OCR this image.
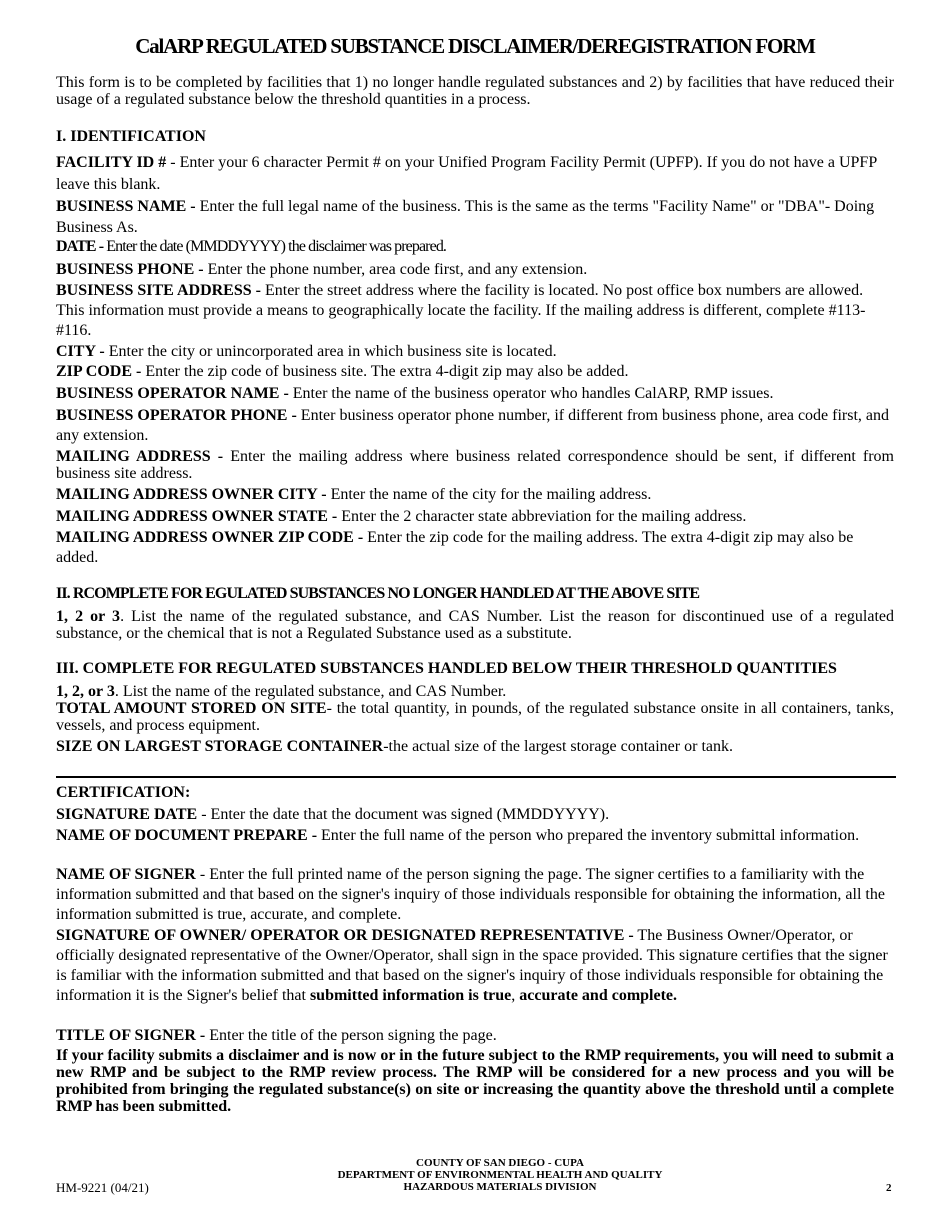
CalARP REGULATED SUBSTANCE DISCLAIMER/DEREGISTRATION FORM
This form is to be completed by facilities that 1) no longer handle regulated substances and 2) by facilities that have reduced their usage of a regulated substance below the threshold quantities in a process.
I. IDENTIFICATION
FACILITY ID # - Enter your 6 character Permit # on your Unified Program Facility Permit (UPFP). If you do not have a UPFP leave this blank.
BUSINESS NAME - Enter the full legal name of the business. This is the same as the terms "Facility Name" or "DBA"- Doing Business As.
DATE - Enter the date (MMDDYYYY) the disclaimer was prepared.
BUSINESS PHONE - Enter the phone number, area code first, and any extension.
BUSINESS SITE ADDRESS - Enter the street address where the facility is located. No post office box numbers are allowed. This information must provide a means to geographically locate the facility. If the mailing address is different, complete #113- #116.
CITY - Enter the city or unincorporated area in which business site is located.
ZIP CODE - Enter the zip code of business site. The extra 4-digit zip may also be added.
BUSINESS OPERATOR NAME - Enter the name of the business operator who handles CalARP, RMP issues.
BUSINESS OPERATOR PHONE - Enter business operator phone number, if different from business phone, area code first, and any extension.
MAILING ADDRESS - Enter the mailing address where business related correspondence should be sent, if different from business site address.
MAILING ADDRESS OWNER CITY - Enter the name of the city for the mailing address.
MAILING ADDRESS OWNER STATE - Enter the 2 character state abbreviation for the mailing address.
MAILING ADDRESS OWNER ZIP CODE - Enter the zip code for the mailing address. The extra 4-digit zip may also be added.
II. RCOMPLETE FOR EGULATED SUBSTANCES NO LONGER HANDLED AT THE ABOVE SITE
1, 2 or 3. List the name of the regulated substance, and CAS Number. List the reason for discontinued use of a regulated substance, or the chemical that is not a Regulated Substance used as a substitute.
III. COMPLETE FOR REGULATED SUBSTANCES HANDLED BELOW THEIR THRESHOLD QUANTITIES
1, 2, or 3. List the name of the regulated substance, and CAS Number.
TOTAL AMOUNT STORED ON SITE- the total quantity, in pounds, of the regulated substance onsite in all containers, tanks, vessels, and process equipment.
SIZE ON LARGEST STORAGE CONTAINER-the actual size of the largest storage container or tank.
CERTIFICATION:
SIGNATURE DATE - Enter the date that the document was signed (MMDDYYYY).
NAME OF DOCUMENT PREPARE - Enter the full name of the person who prepared the inventory submittal information.
NAME OF SIGNER - Enter the full printed name of the person signing the page. The signer certifies to a familiarity with the information submitted and that based on the signer's inquiry of those individuals responsible for obtaining the information, all the information submitted is true, accurate, and complete.
SIGNATURE OF OWNER/ OPERATOR OR DESIGNATED REPRESENTATIVE - The Business Owner/Operator, or officially designated representative of the Owner/Operator, shall sign in the space provided. This signature certifies that the signer is familiar with the information submitted and that based on the signer's inquiry of those individuals responsible for obtaining the information it is the Signer's belief that submitted information is true, accurate and complete.
TITLE OF SIGNER - Enter the title of the person signing the page.
If your facility submits a disclaimer and is now or in the future subject to the RMP requirements, you will need to submit a new RMP and be subject to the RMP review process. The RMP will be considered for a new process and you will be prohibited from bringing the regulated substance(s) on site or increasing the quantity above the threshold until a complete RMP has been submitted.
COUNTY OF SAN DIEGO - CUPA
DEPARTMENT OF ENVIRONMENTAL HEALTH AND QUALITY
HAZARDOUS MATERIALS DIVISION
HM-9221 (04/21)	2
